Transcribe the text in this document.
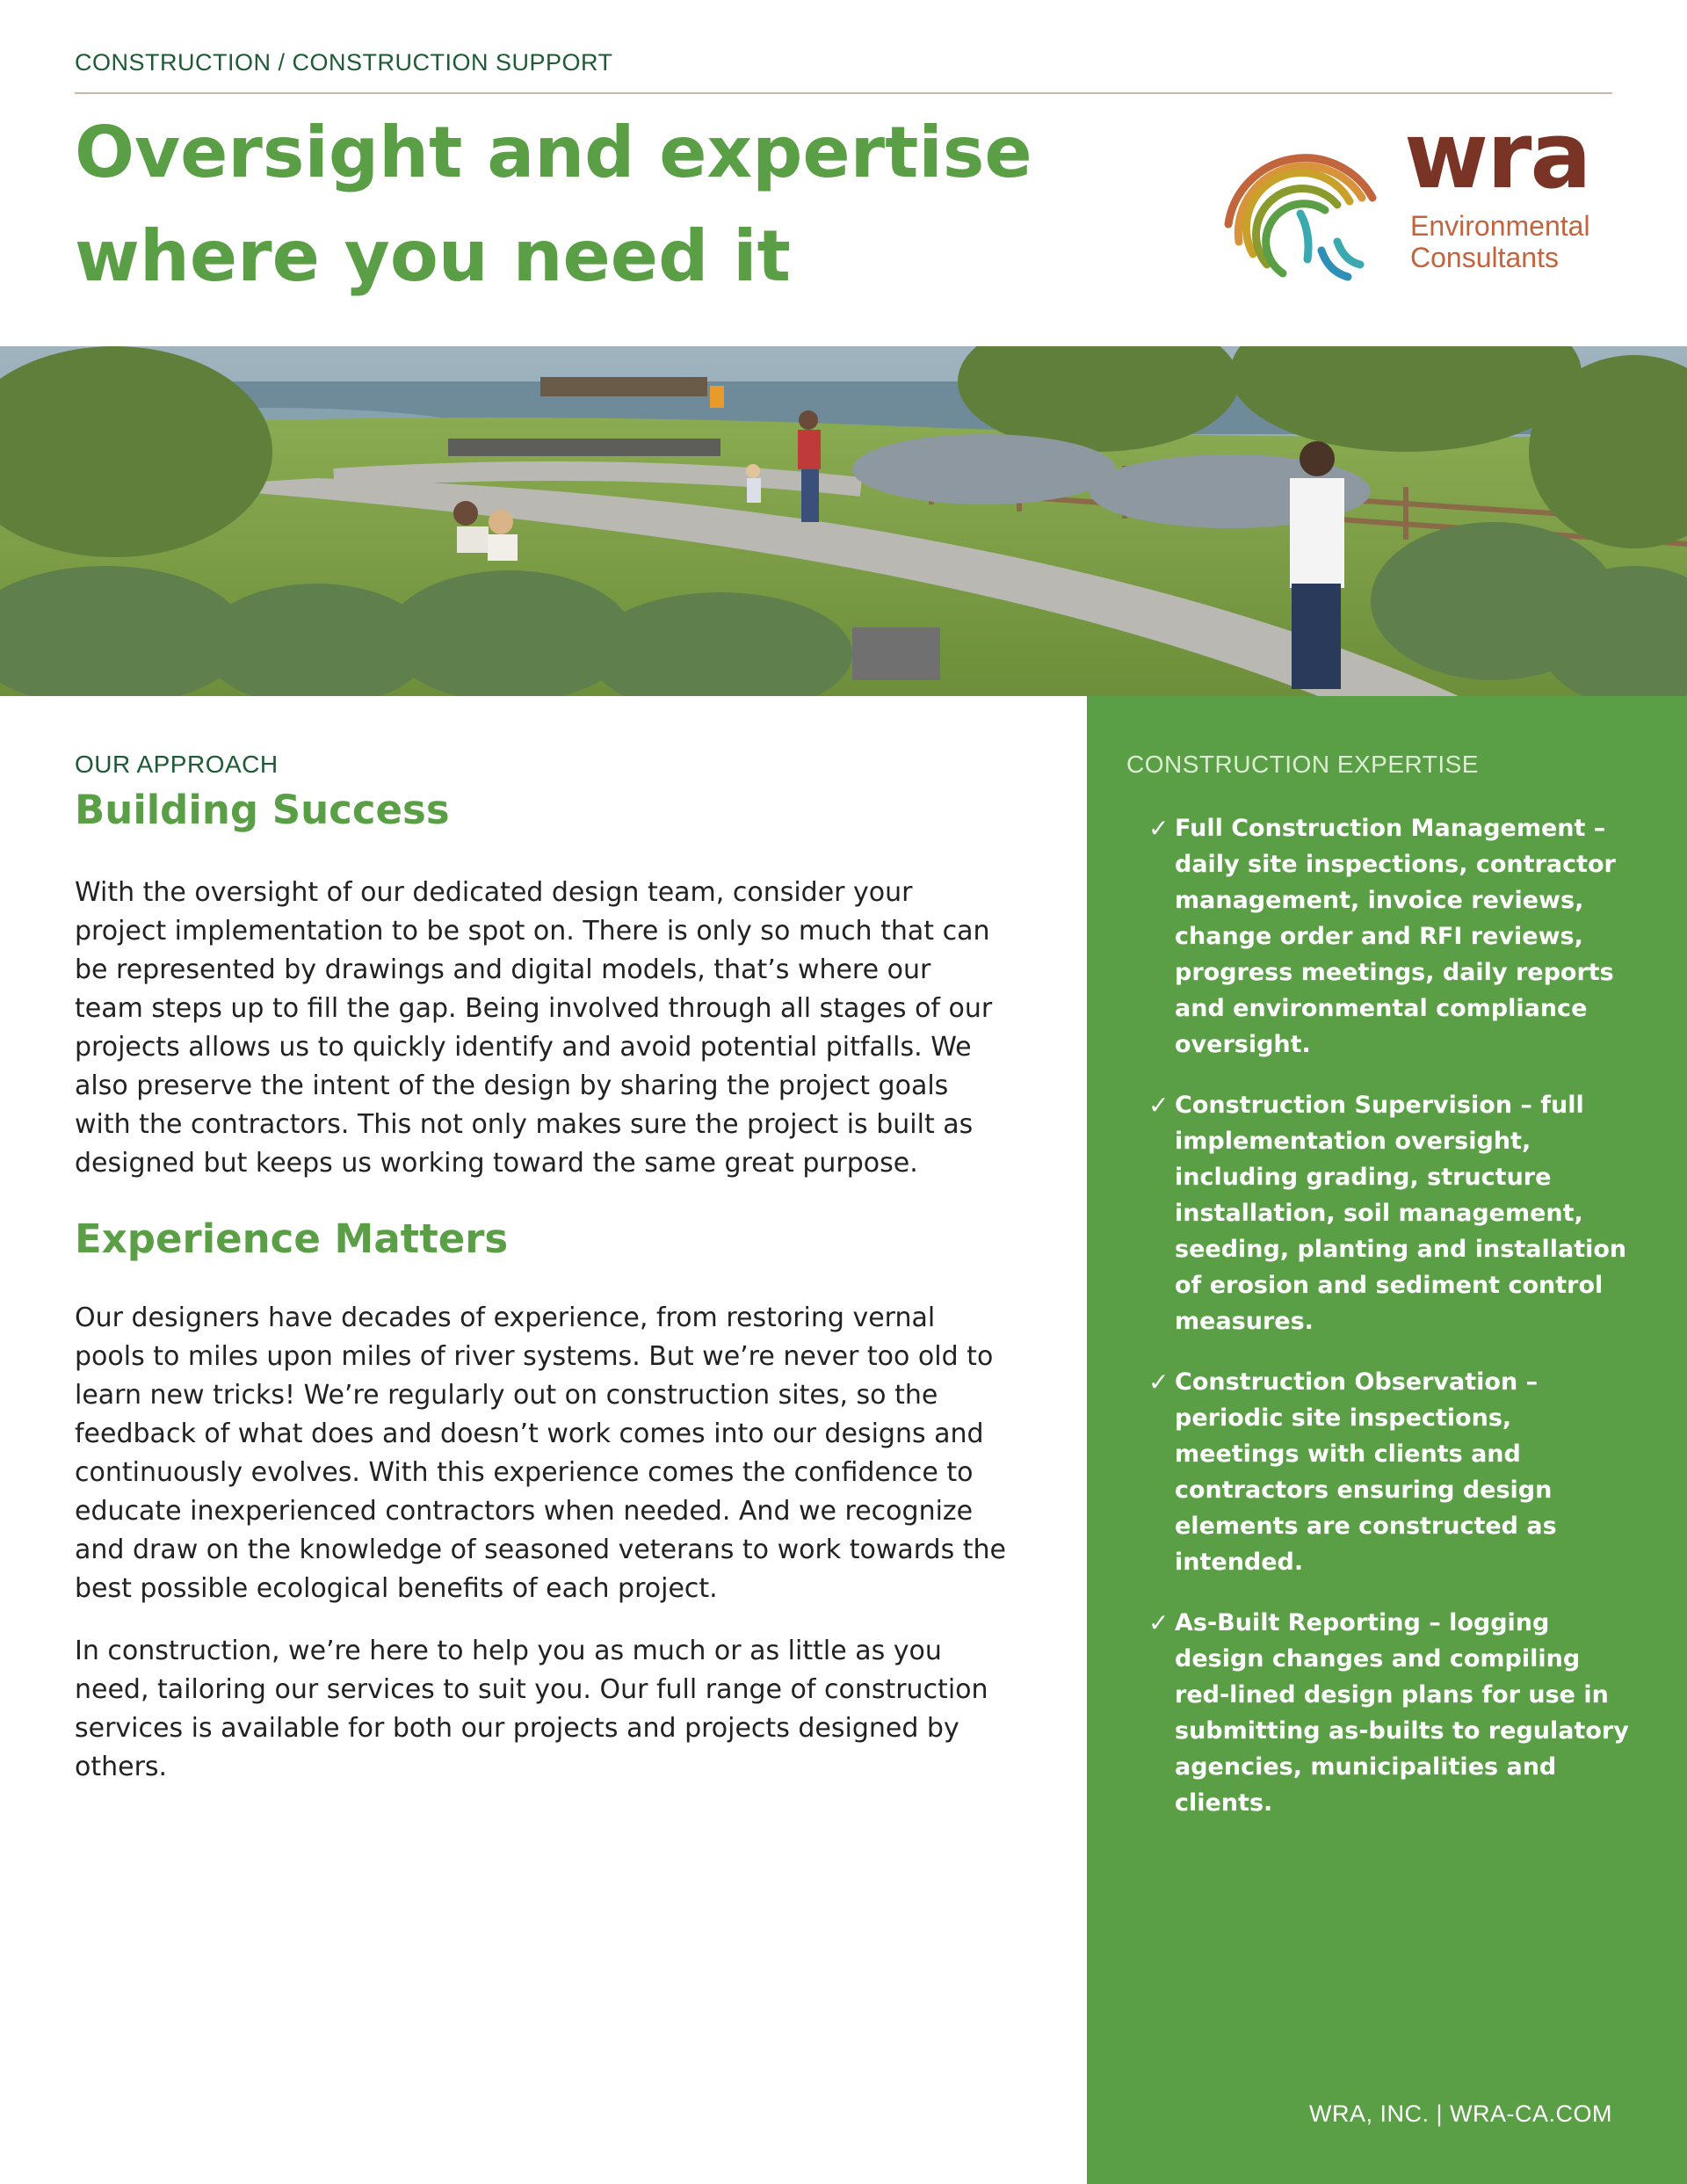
CONSTRUCTION / CONSTRUCTION SUPPORT
Oversight and expertise
where you need it
wra
Environmental
Consultants

OUR APPROACH

Building Success

With the oversight of our dedicated design team, consider your project implementation to be spot on. There is only so much that can be represented by drawings and digital models, that’s where our team steps up to fill the gap. Being involved through all stages of our projects allows us to quickly identify and avoid potential pitfalls. We also preserve the intent of the design by sharing the project goals with the contractors. This not only makes sure the project is built as designed but keeps us working toward the same great purpose.

Experience Matters

Our designers have decades of experience, from restoring vernal pools to miles upon miles of river systems. But we’re never too old to learn new tricks! We’re regularly out on construction sites, so the feedback of what does and doesn’t work comes into our designs and continuously evolves. With this experience comes the confidence to educate inexperienced contractors when needed. And we recognize and draw on the knowledge of seasoned veterans to work towards the best possible ecological benefits of each project.

In construction, we’re here to help you as much or as little as you need, tailoring our services to suit you. Our full range of construction services is available for both our projects and projects designed by others.

CONSTRUCTION EXPERTISE
✓ Full Construction Management – daily site inspections, contractor management, invoice reviews, change order and RFI reviews, progress meetings, daily reports and environmental compliance oversight.
✓ Construction Supervision – full implementation oversight, including grading, structure installation, soil management, seeding, planting and installation of erosion and sediment control measures.
✓ Construction Observation – periodic site inspections, meetings with clients and contractors ensuring design elements are constructed as intended.
✓ As-Built Reporting – logging design changes and compiling red-lined design plans for use in submitting as-builts to regulatory agencies, municipalities and clients.
WRA, INC. | WRA-CA.COM
